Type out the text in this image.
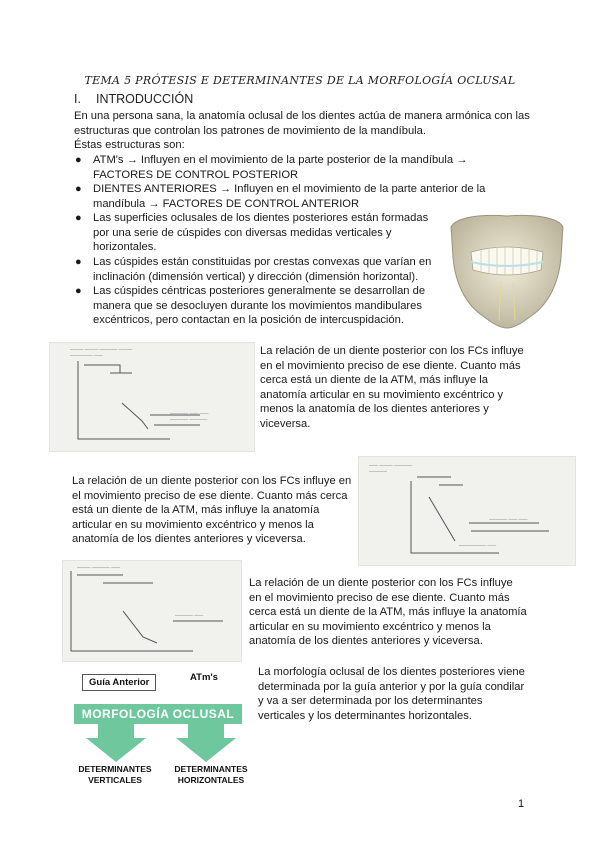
TEMA 5 PRÓTESIS E DETERMINANTES DE LA MORFOLOGÍA OCLUSAL
I. INTRODUCCIÓN
En una persona sana, la anatomía oclusal de los dientes actúa de manera armónica con las estructuras que controlan los patrones de movimiento de la mandíbula.
Éstas estructuras son:
● ATM's → Influyen en el movimiento de la parte posterior de la mandíbula →
FACTORES DE CONTROL POSTERIOR
● DIENTES ANTERIORES → Influyen en el movimiento de la parte anterior de la
mandíbula → FACTORES DE CONTROL ANTERIOR
● Las superficies oclusales de los dientes posteriores están formadas
por una serie de cúspides con diversas medidas verticales y
horizontales.
● Las cúspides están constituidas por crestas convexas que varían en
inclinación (dimensión vertical) y dirección (dimensión horizontal).
● Las cúspides céntricas posteriores generalmente se desarrollan de
manera que se desocluyen durante los movimientos mandibulares
excéntricos, pero contactan en la posición de intercuspidación.
——— ——— ———— ———
————— ——
———— —— ——
———— ————
La relación de un diente posterior con los FCs influye
en el movimiento preciso de ese diente. Cuanto más
cerca está un diente de la ATM, más influye la
anatomía articular en su movimiento excéntrico y
menos la anatomía de los dientes anteriores y
viceversa.
La relación de un diente posterior con los FCs influye en
el movimiento preciso de ese diente. Cuanto más cerca
está un diente de la ATM, más influye la anatomía
articular en su movimiento excéntrico y menos la
anatomía de los dientes anteriores y viceversa.
—— ——— ————
————
———— —— ——
—————— ——
——— ———— ——
———— ——
La relación de un diente posterior con los FCs influye
en el movimiento preciso de ese diente. Cuanto más
cerca está un diente de la ATM, más influye la anatomía
articular en su movimiento excéntrico y menos la
anatomía de los dientes anteriores y viceversa.
La morfología oclusal de los dientes posteriores viene
determinada por la guía anterior y por la guía condilar
y va a ser determinada por los determinantes
verticales y los determinantes horizontales.
Guía Anterior	ATm's
MORFOLOGÍA OCLUSAL
DETERMINANTES
VERTICALES
DETERMINANTES
HORIZONTALES
1
